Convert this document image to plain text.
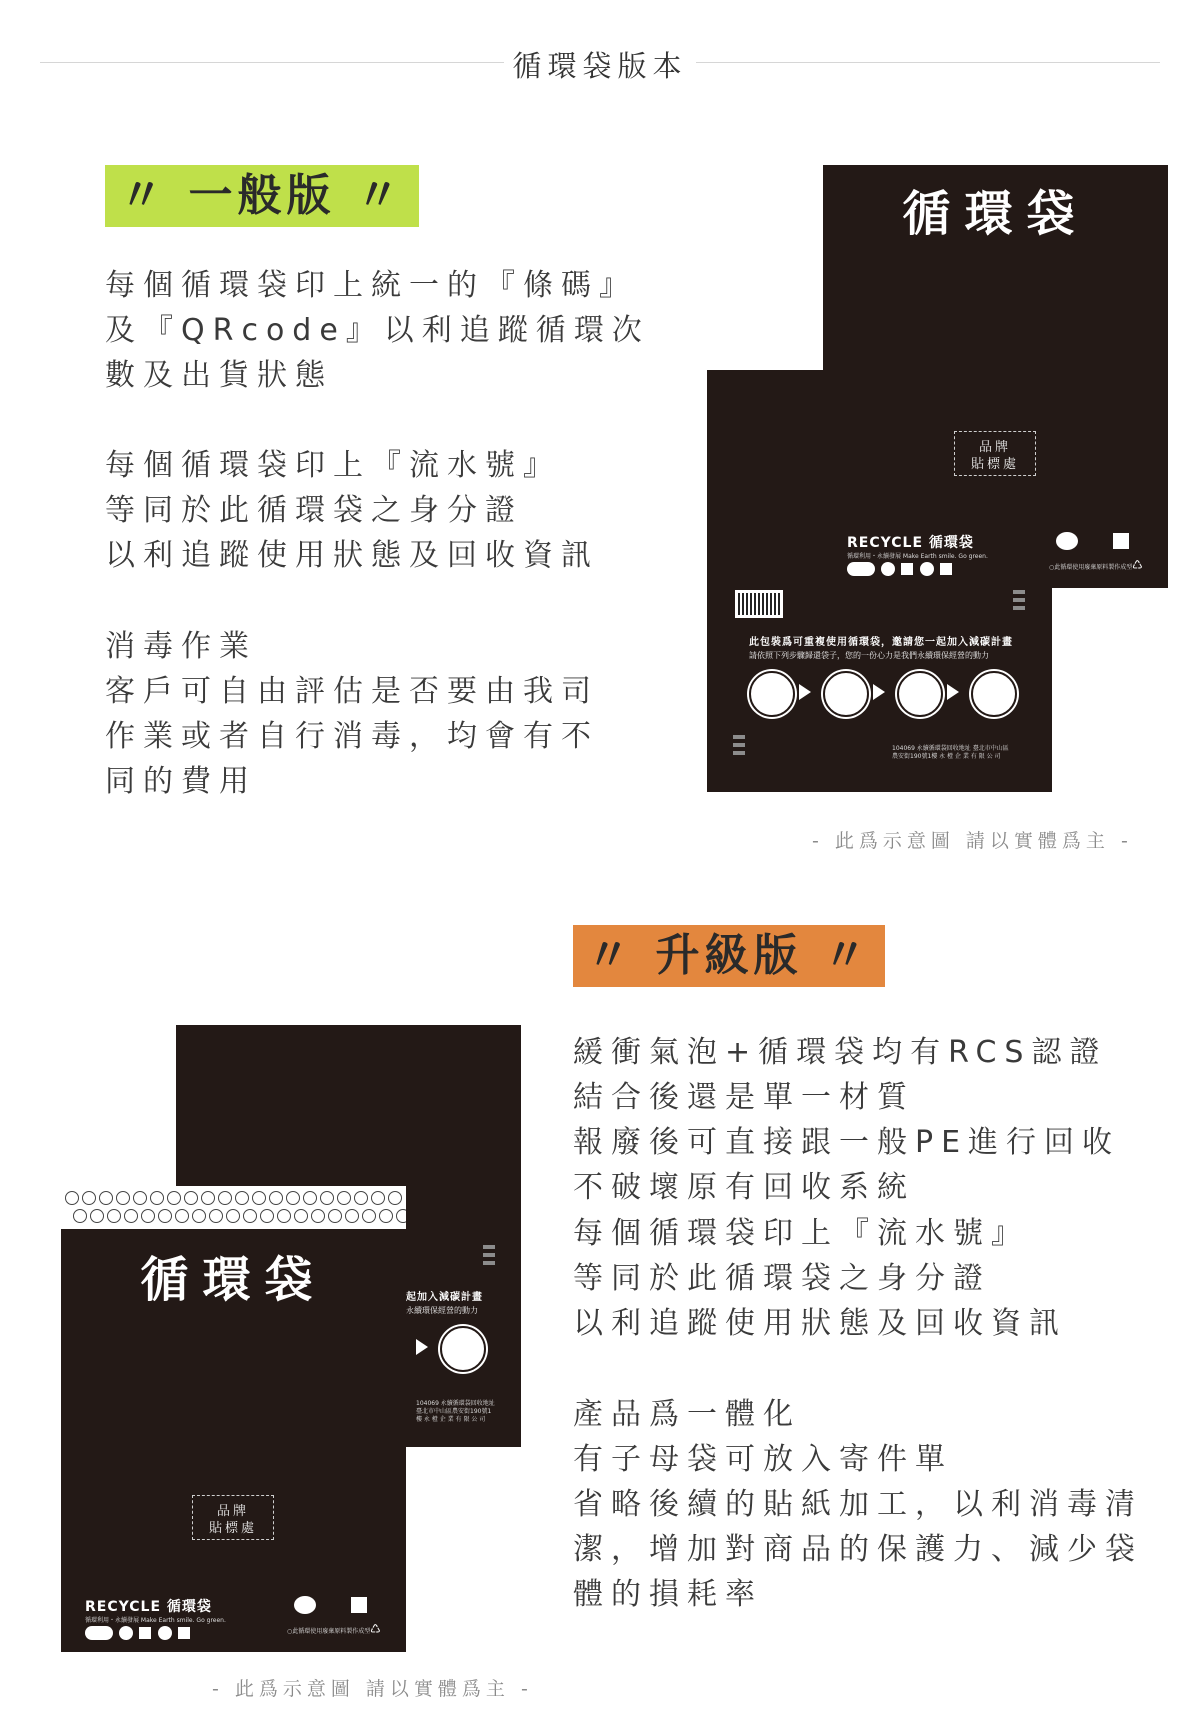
循環袋版本
〃 一般版 〃
每個循環袋印上統一的『條碼』
及『QRcode』以利追蹤循環次
數及出貨狀態
每個循環袋印上『流水號』
等同於此循環袋之身分證
以利追蹤使用狀態及回收資訊
消毒作業
客戶可自由評估是否要由我司
作業或者自行消毒，均會有不
同的費用
此包裝爲可重複使用循環袋，邀請您一起加入減碳計畫
請依照下列步驟歸還袋子，您的一份心力是我們永續環保經營的動力
104069 永續循環袋回收地址 臺北市中山區農安街190號1樓 永 橙 企 業 有 限 公 司
循環袋
品牌
貼標處
RECYCLE 循環袋
循環利用・永續發展 Make Earth smile. Go green.
○此循環使用廢棄原料製作成型 ♺
- 此爲示意圖 請以實體爲主 -
〃 升級版 〃
緩衝氣泡+循環袋均有RCS認證
結合後還是單一材質
報廢後可直接跟一般PE進行回收
不破壞原有回收系統
每個循環袋印上『流水號』
等同於此循環袋之身分證
以利追蹤使用狀態及回收資訊
產品爲一體化
有子母袋可放入寄件單
省略後續的貼紙加工，以利消毒清
潔，增加對商品的保護力、減少袋
體的損耗率
起加入減碳計畫
永續環保經營的動力
104069 永續循環袋回收地址 臺北市中山區農安街190號1樓 永 橙 企 業 有 限 公 司
循環袋
品牌
貼標處
RECYCLE 循環袋
循環利用・永續發展 Make Earth smile. Go green.
○此循環使用廢棄原料製作成型 ♺
- 此爲示意圖 請以實體爲主 -
